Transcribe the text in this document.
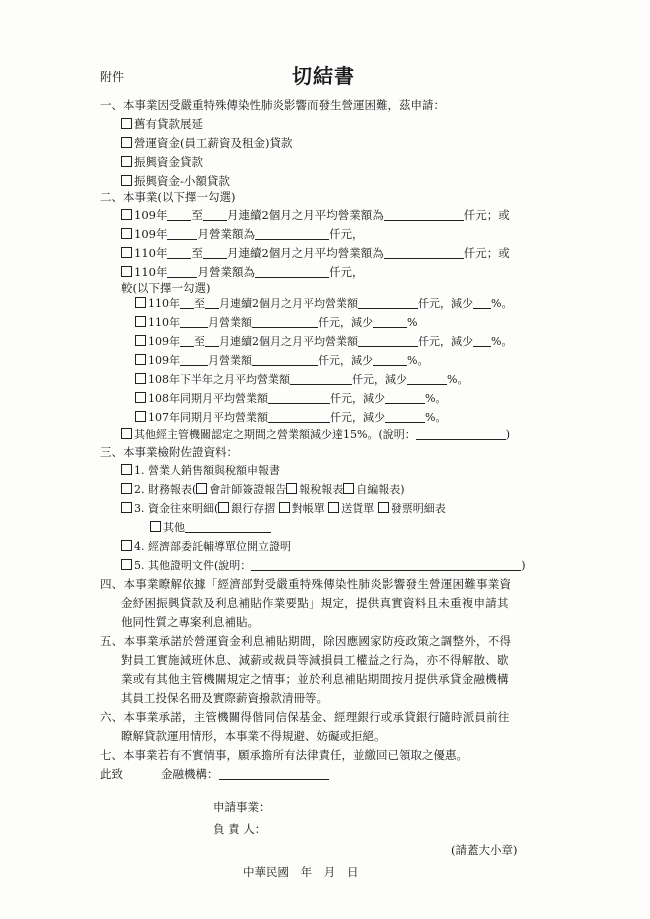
附件	切結書
一、本事業因受嚴重特殊傳染性肺炎影響而發生營運困難，茲申請：
舊有貸款展延
營運資金(員工薪資及租金)貸款
振興資金貸款
振興資金-小額貸款
二、本事業(以下擇一勾選)
109年 至 月連續2個月之月平均營業額為	仟元；或
109年	月營業額為	仟元，
110年 至 月連續2個月之月平均營業額為	仟元；或
110年	月營業額為	仟元，
較(以下擇一勾選)
110年 至 月連續2個月之月平均營業額	仟元，減少 %。
110年	月營業額	仟元，減少	%
109年 至 月連續2個月之月平均營業額	仟元，減少 %。
109年	月營業額	仟元，減少	%。
108年下半年之月平均營業額	仟元，減少	%。
108年同期月平均營業額	仟元，減少	%。
107年同期月平均營業額	仟元，減少	%。
其他經主管機關認定之期間之營業額減少達15%。(說明：	)
三、本事業檢附佐證資料：
1. 營業人銷售額與稅額申報書
2. 財務報表( 會計師簽證報告 報稅報表 自編報表)
3. 資金往來明細( 銀行存摺 對帳單 送貨單 發票明細表
其他
4. 經濟部委託輔導單位開立證明
5. 其他證明文件(說明：	)
四、本事業瞭解依據「經濟部對受嚴重特殊傳染性肺炎影響發生營運困難事業資
金紓困振興貸款及利息補貼作業要點」規定，提供真實資料且未重複申請其
他同性質之專案利息補貼。
五、本事業承諾於營運資金利息補貼期間，除因應國家防疫政策之調整外，不得
對員工實施減班休息、減薪或裁員等減損員工權益之行為，亦不得解散、歇
業或有其他主管機關規定之情事；並於利息補貼期間按月提供承貸金融機構
其員工投保名冊及實際薪資撥款清冊等。
六、本事業承諾，主管機關得偕同信保基金、經理銀行或承貸銀行隨時派員前往
瞭解貸款運用情形，本事業不得規避、妨礙或拒絕。
七、本事業若有不實情事，願承擔所有法律責任，並繳回已領取之優惠。
此致	金融機構：
申請事業：
負 責 人：
(請蓋大小章)
中華民國 年 月 日
